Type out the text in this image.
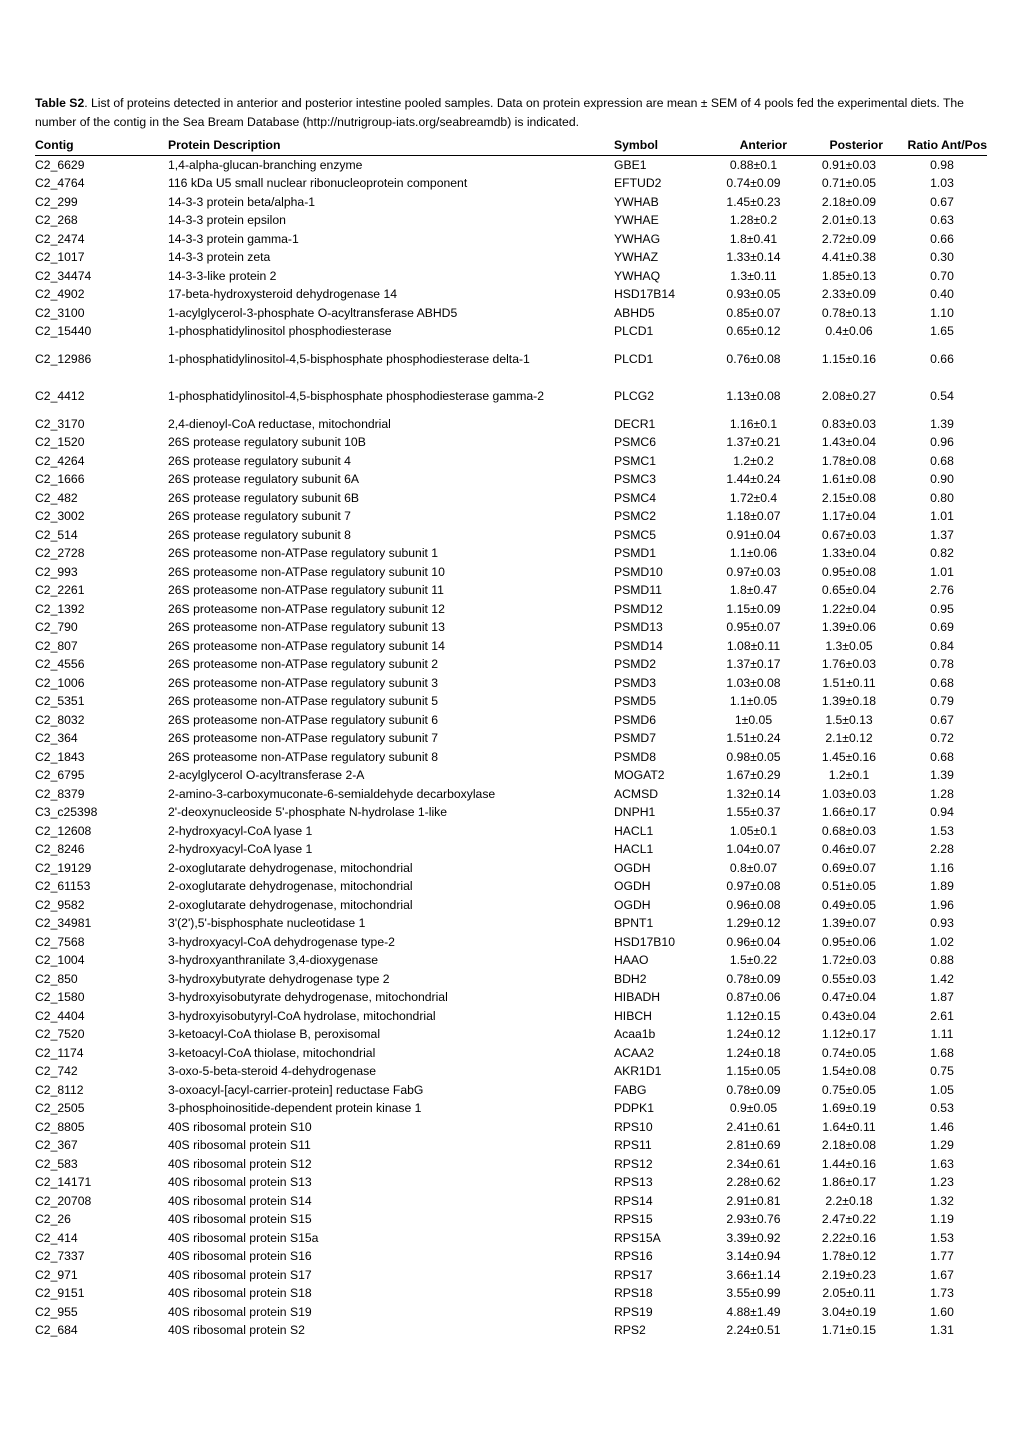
Table S2. List of proteins detected in anterior and posterior intestine pooled samples. Data on protein expression are mean ± SEM of 4 pools fed the experimental diets. The number of the contig in the Sea Bream Database (http://nutrigroup-iats.org/seabreamdb) is indicated.
Contig	Protein Description	Symbol	Anterior	Posterior	Ratio Ant/Pos
C2_6629	1,4-alpha-glucan-branching enzyme	GBE1	0.88±0.1	0.91±0.03	0.98
C2_4764	116 kDa U5 small nuclear ribonucleoprotein component	EFTUD2	0.74±0.09	0.71±0.05	1.03
C2_299	14-3-3 protein beta/alpha-1	YWHAB	1.45±0.23	2.18±0.09	0.67
C2_268	14-3-3 protein epsilon	YWHAE	1.28±0.2	2.01±0.13	0.63
C2_2474	14-3-3 protein gamma-1	YWHAG	1.8±0.41	2.72±0.09	0.66
C2_1017	14-3-3 protein zeta	YWHAZ	1.33±0.14	4.41±0.38	0.30
C2_34474	14-3-3-like protein 2	YWHAQ	1.3±0.11	1.85±0.13	0.70
C2_4902	17-beta-hydroxysteroid dehydrogenase 14	HSD17B14	0.93±0.05	2.33±0.09	0.40
C2_3100	1-acylglycerol-3-phosphate O-acyltransferase ABHD5	ABHD5	0.85±0.07	0.78±0.13	1.10
C2_15440	1-phosphatidylinositol phosphodiesterase	PLCD1	0.65±0.12	0.4±0.06	1.65
C2_12986	1-phosphatidylinositol-4,5-bisphosphate phosphodiesterase delta-1	PLCD1	0.76±0.08	1.15±0.16	0.66
C2_4412	1-phosphatidylinositol-4,5-bisphosphate phosphodiesterase gamma-2	PLCG2	1.13±0.08	2.08±0.27	0.54
C2_3170	2,4-dienoyl-CoA reductase, mitochondrial	DECR1	1.16±0.1	0.83±0.03	1.39
C2_1520	26S protease regulatory subunit 10B	PSMC6	1.37±0.21	1.43±0.04	0.96
C2_4264	26S protease regulatory subunit 4	PSMC1	1.2±0.2	1.78±0.08	0.68
C2_1666	26S protease regulatory subunit 6A	PSMC3	1.44±0.24	1.61±0.08	0.90
C2_482	26S protease regulatory subunit 6B	PSMC4	1.72±0.4	2.15±0.08	0.80
C2_3002	26S protease regulatory subunit 7	PSMC2	1.18±0.07	1.17±0.04	1.01
C2_514	26S protease regulatory subunit 8	PSMC5	0.91±0.04	0.67±0.03	1.37
C2_2728	26S proteasome non-ATPase regulatory subunit 1	PSMD1	1.1±0.06	1.33±0.04	0.82
C2_993	26S proteasome non-ATPase regulatory subunit 10	PSMD10	0.97±0.03	0.95±0.08	1.01
C2_2261	26S proteasome non-ATPase regulatory subunit 11	PSMD11	1.8±0.47	0.65±0.04	2.76
C2_1392	26S proteasome non-ATPase regulatory subunit 12	PSMD12	1.15±0.09	1.22±0.04	0.95
C2_790	26S proteasome non-ATPase regulatory subunit 13	PSMD13	0.95±0.07	1.39±0.06	0.69
C2_807	26S proteasome non-ATPase regulatory subunit 14	PSMD14	1.08±0.11	1.3±0.05	0.84
C2_4556	26S proteasome non-ATPase regulatory subunit 2	PSMD2	1.37±0.17	1.76±0.03	0.78
C2_1006	26S proteasome non-ATPase regulatory subunit 3	PSMD3	1.03±0.08	1.51±0.11	0.68
C2_5351	26S proteasome non-ATPase regulatory subunit 5	PSMD5	1.1±0.05	1.39±0.18	0.79
C2_8032	26S proteasome non-ATPase regulatory subunit 6	PSMD6	1±0.05	1.5±0.13	0.67
C2_364	26S proteasome non-ATPase regulatory subunit 7	PSMD7	1.51±0.24	2.1±0.12	0.72
C2_1843	26S proteasome non-ATPase regulatory subunit 8	PSMD8	0.98±0.05	1.45±0.16	0.68
C2_6795	2-acylglycerol O-acyltransferase 2-A	MOGAT2	1.67±0.29	1.2±0.1	1.39
C2_8379	2-amino-3-carboxymuconate-6-semialdehyde decarboxylase	ACMSD	1.32±0.14	1.03±0.03	1.28
C3_c25398	2'-deoxynucleoside 5'-phosphate N-hydrolase 1-like	DNPH1	1.55±0.37	1.66±0.17	0.94
C2_12608	2-hydroxyacyl-CoA lyase 1	HACL1	1.05±0.1	0.68±0.03	1.53
C2_8246	2-hydroxyacyl-CoA lyase 1	HACL1	1.04±0.07	0.46±0.07	2.28
C2_19129	2-oxoglutarate dehydrogenase, mitochondrial	OGDH	0.8±0.07	0.69±0.07	1.16
C2_61153	2-oxoglutarate dehydrogenase, mitochondrial	OGDH	0.97±0.08	0.51±0.05	1.89
C2_9582	2-oxoglutarate dehydrogenase, mitochondrial	OGDH	0.96±0.08	0.49±0.05	1.96
C2_34981	3'(2'),5'-bisphosphate nucleotidase 1	BPNT1	1.29±0.12	1.39±0.07	0.93
C2_7568	3-hydroxyacyl-CoA dehydrogenase type-2	HSD17B10	0.96±0.04	0.95±0.06	1.02
C2_1004	3-hydroxyanthranilate 3,4-dioxygenase	HAAO	1.5±0.22	1.72±0.03	0.88
C2_850	3-hydroxybutyrate dehydrogenase type 2	BDH2	0.78±0.09	0.55±0.03	1.42
C2_1580	3-hydroxyisobutyrate dehydrogenase, mitochondrial	HIBADH	0.87±0.06	0.47±0.04	1.87
C2_4404	3-hydroxyisobutyryl-CoA hydrolase, mitochondrial	HIBCH	1.12±0.15	0.43±0.04	2.61
C2_7520	3-ketoacyl-CoA thiolase B, peroxisomal	Acaa1b	1.24±0.12	1.12±0.17	1.11
C2_1174	3-ketoacyl-CoA thiolase, mitochondrial	ACAA2	1.24±0.18	0.74±0.05	1.68
C2_742	3-oxo-5-beta-steroid 4-dehydrogenase	AKR1D1	1.15±0.05	1.54±0.08	0.75
C2_8112	3-oxoacyl-[acyl-carrier-protein] reductase FabG	FABG	0.78±0.09	0.75±0.05	1.05
C2_2505	3-phosphoinositide-dependent protein kinase 1	PDPK1	0.9±0.05	1.69±0.19	0.53
C2_8805	40S ribosomal protein S10	RPS10	2.41±0.61	1.64±0.11	1.46
C2_367	40S ribosomal protein S11	RPS11	2.81±0.69	2.18±0.08	1.29
C2_583	40S ribosomal protein S12	RPS12	2.34±0.61	1.44±0.16	1.63
C2_14171	40S ribosomal protein S13	RPS13	2.28±0.62	1.86±0.17	1.23
C2_20708	40S ribosomal protein S14	RPS14	2.91±0.81	2.2±0.18	1.32
C2_26	40S ribosomal protein S15	RPS15	2.93±0.76	2.47±0.22	1.19
C2_414	40S ribosomal protein S15a	RPS15A	3.39±0.92	2.22±0.16	1.53
C2_7337	40S ribosomal protein S16	RPS16	3.14±0.94	1.78±0.12	1.77
C2_971	40S ribosomal protein S17	RPS17	3.66±1.14	2.19±0.23	1.67
C2_9151	40S ribosomal protein S18	RPS18	3.55±0.99	2.05±0.11	1.73
C2_955	40S ribosomal protein S19	RPS19	4.88±1.49	3.04±0.19	1.60
C2_684	40S ribosomal protein S2	RPS2	2.24±0.51	1.71±0.15	1.31
